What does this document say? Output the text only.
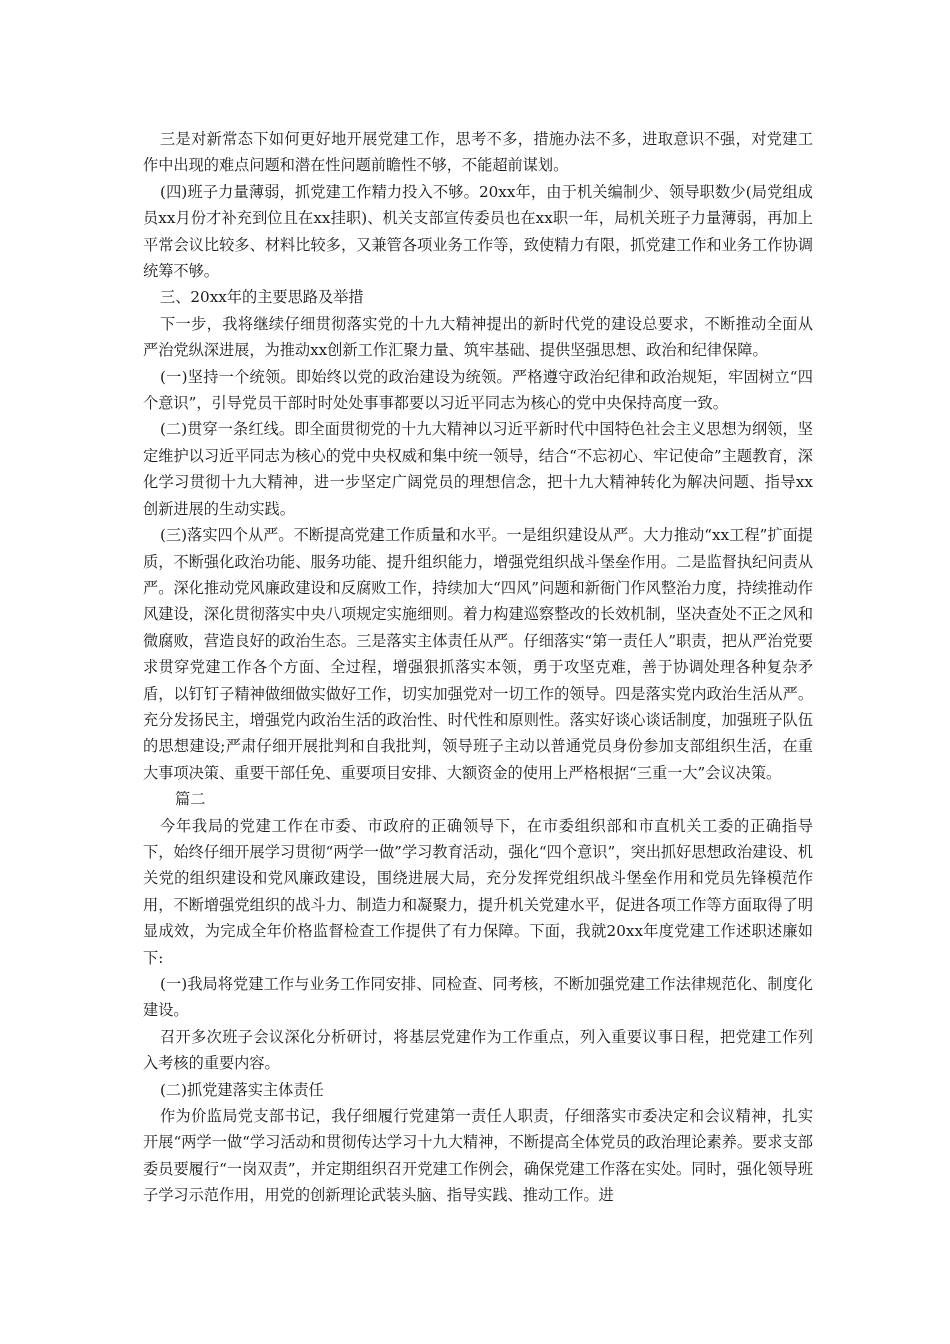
三是对新常态下如何更好地开展党建工作，思考不多，措施办法不多，进取意识不强，对党建工作中出现的难点问题和潜在性问题前瞻性不够，不能超前谋划。

(四)班子力量薄弱，抓党建工作精力投入不够。20xx年，由于机关编制少、领导职数少(局党组成员xx月份才补充到位且在xx挂职)、机关支部宣传委员也在xx职一年，局机关班子力量薄弱，再加上平常会议比较多、材料比较多，又兼管各项业务工作等，致使精力有限，抓党建工作和业务工作协调统筹不够。

三、20xx年的主要思路及举措

下一步，我将继续仔细贯彻落实党的十九大精神提出的新时代党的建设总要求，不断推动全面从严治党纵深进展，为推动xx创新工作汇聚力量、筑牢基础、提供坚强思想、政治和纪律保障。

(一)坚持一个统领。即始终以党的政治建设为统领。严格遵守政治纪律和政治规矩，牢固树立“四个意识”，引导党员干部时时处处事事都要以习近平同志为核心的党中央保持高度一致。

(二)贯穿一条红线。即全面贯彻党的十九大精神以习近平新时代中国特色社会主义思想为纲领，坚定维护以习近平同志为核心的党中央权威和集中统一领导，结合“不忘初心、牢记使命”主题教育，深化学习贯彻十九大精神，进一步坚定广阔党员的理想信念，把十九大精神转化为解决问题、指导xx创新进展的生动实践。

(三)落实四个从严。不断提高党建工作质量和水平。一是组织建设从严。大力推动“xx工程”扩面提质，不断强化政治功能、服务功能、提升组织能力，增强党组织战斗堡垒作用。二是监督执纪问责从严。深化推动党风廉政建设和反腐败工作，持续加大“四风”问题和新衙门作风整治力度，持续推动作风建设，深化贯彻落实中央八项规定实施细则。着力构建巡察整改的长效机制，坚决查处不正之风和微腐败，营造良好的政治生态。三是落实主体责任从严。仔细落实“第一责任人”职责，把从严治党要求贯穿党建工作各个方面、全过程，增强狠抓落实本领，勇于攻坚克难，善于协调处理各种复杂矛盾，以钉钉子精神做细做实做好工作，切实加强党对一切工作的领导。四是落实党内政治生活从严。充分发扬民主，增强党内政治生活的政治性、时代性和原则性。落实好谈心谈话制度，加强班子队伍的思想建设;严肃仔细开展批判和自我批判，领导班子主动以普通党员身份参加支部组织生活，在重大事项决策、重要干部任免、重要项目安排、大额资金的使用上严格根据“三重一大”会议决策。

篇二

今年我局的党建工作在市委、市政府的正确领导下，在市委组织部和市直机关工委的正确指导下，始终仔细开展学习贯彻“两学一做”学习教育活动，强化“四个意识”，突出抓好思想政治建设、机关党的组织建设和党风廉政建设，围绕进展大局，充分发挥党组织战斗堡垒作用和党员先锋模范作用，不断增强党组织的战斗力、制造力和凝聚力，提升机关党建水平，促进各项工作等方面取得了明显成效，为完成全年价格监督检查工作提供了有力保障。下面，我就20xx年度党建工作述职述廉如下:

(一)我局将党建工作与业务工作同安排、同检查、同考核，不断加强党建工作法律规范化、制度化建设。

召开多次班子会议深化分析研讨，将基层党建作为工作重点，列入重要议事日程，把党建工作列入考核的重要内容。

(二)抓党建落实主体责任

作为价监局党支部书记，我仔细履行党建第一责任人职责，仔细落实市委决定和会议精神，扎实开展“两学一做“学习活动和贯彻传达学习十九大精神，不断提高全体党员的政治理论素养。要求支部委员要履行“一岗双责”，并定期组织召开党建工作例会，确保党建工作落在实处。同时，强化领导班子学习示范作用，用党的创新理论武装头脑、指导实践、推动工作。进
